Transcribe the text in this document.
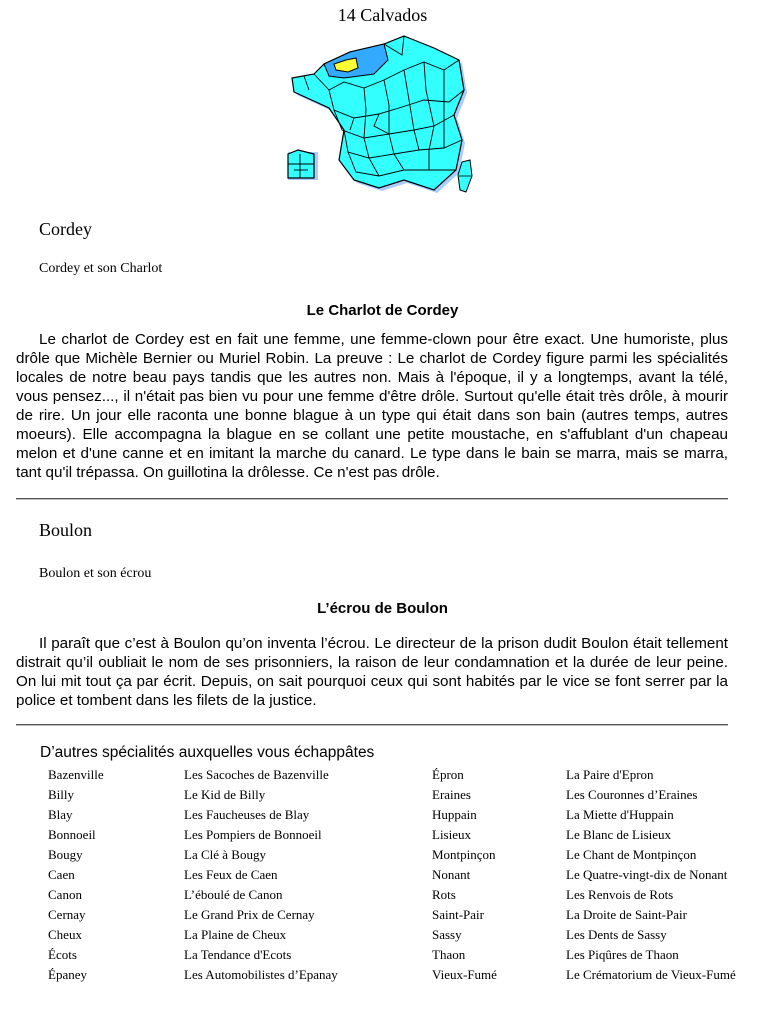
14 Calvados
Cordey
Cordey et son Charlot
Le Charlot de Cordey
Le charlot de Cordey est en fait une femme, une femme-clown pour être exact. Une humoriste, plus drôle que Michèle Bernier ou Muriel Robin. La preuve : Le charlot de Cordey figure parmi les spécialités locales de notre beau pays tandis que les autres non. Mais à l'époque, il y a longtemps, avant la télé, vous pensez..., il n'était pas bien vu pour une femme d'être drôle. Surtout qu'elle était très drôle, à mourir de rire. Un jour elle raconta une bonne blague à un type qui était dans son bain (autres temps, autres moeurs). Elle accompagna la blague en se collant une petite moustache, en s'affublant d'un chapeau melon et d'une canne et en imitant la marche du canard. Le type dans le bain se marra, mais se marra, tant qu'il trépassa. On guillotina la drôlesse. Ce n'est pas drôle.
Boulon
Boulon et son écrou
L’écrou de Boulon
Il paraît que c’est à Boulon qu’on inventa l’écrou. Le directeur de la prison dudit Boulon était tellement distrait qu’il oubliait le nom de ses prisonniers, la raison de leur condamnation et la durée de leur peine. On lui mit tout ça par écrit. Depuis, on sait pourquoi ceux qui sont habités par le vice se font serrer par la police et tombent dans les filets de la justice.
D’autres spécialités auxquelles vous échappâtes
Bazenville
Billy
Blay
Bonnoeil
Bougy
Caen
Canon
Cernay
Cheux
Écots
Épaney
Les Sacoches de Bazenville
Le Kid de Billy
Les Faucheuses de Blay
Les Pompiers de Bonnoeil
La Clé à Bougy
Les Feux de Caen
L’éboulé de Canon
Le Grand Prix de Cernay
La Plaine de Cheux
La Tendance d'Ecots
Les Automobilistes d’Epanay
Épron
Eraines
Huppain
Lisieux
Montpinçon
Nonant
Rots
Saint-Pair
Sassy
Thaon
Vieux-Fumé
La Paire d'Epron
Les Couronnes d’Eraines
La Miette d'Huppain
Le Blanc de Lisieux
Le Chant de Montpinçon
Le Quatre-vingt-dix de Nonant
Les Renvois de Rots
La Droite de Saint-Pair
Les Dents de Sassy
Les Piqûres de Thaon
Le Crématorium de Vieux-Fumé
